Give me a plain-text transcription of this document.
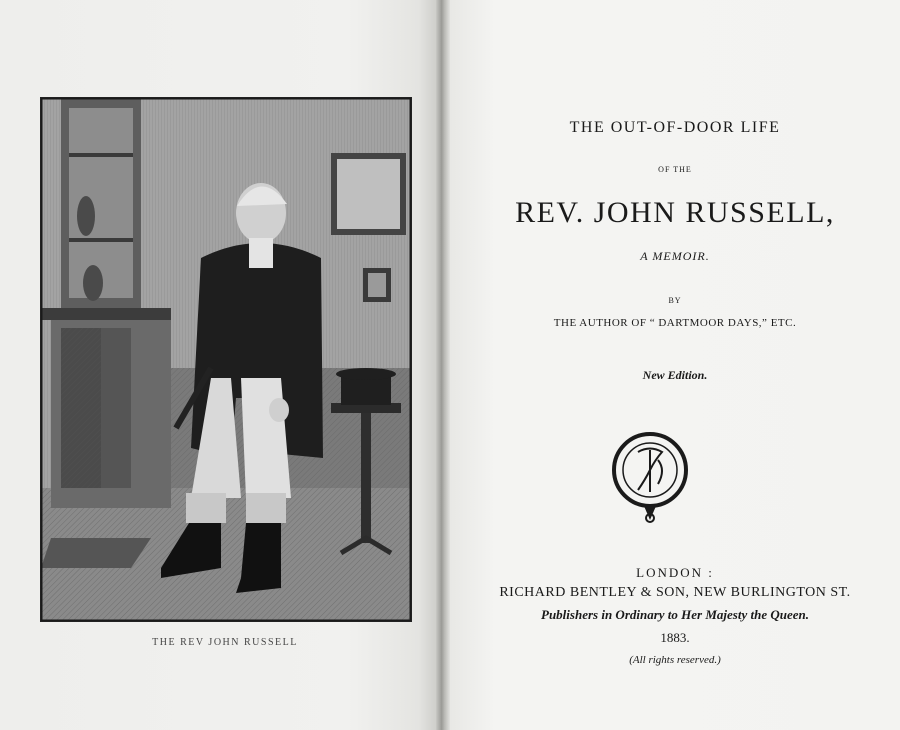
THE REV JOHN RUSSELL

THE OUT-OF-DOOR LIFE
OF THE
REV. JOHN RUSSELL,
A MEMOIR.
BY
THE AUTHOR OF “ DARTMOOR DAYS,” ETC.
New Edition.
LONDON :
RICHARD BENTLEY & SON, NEW BURLINGTON ST.
Publishers in Ordinary to Her Majesty the Queen.
1883.
(All rights reserved.)
